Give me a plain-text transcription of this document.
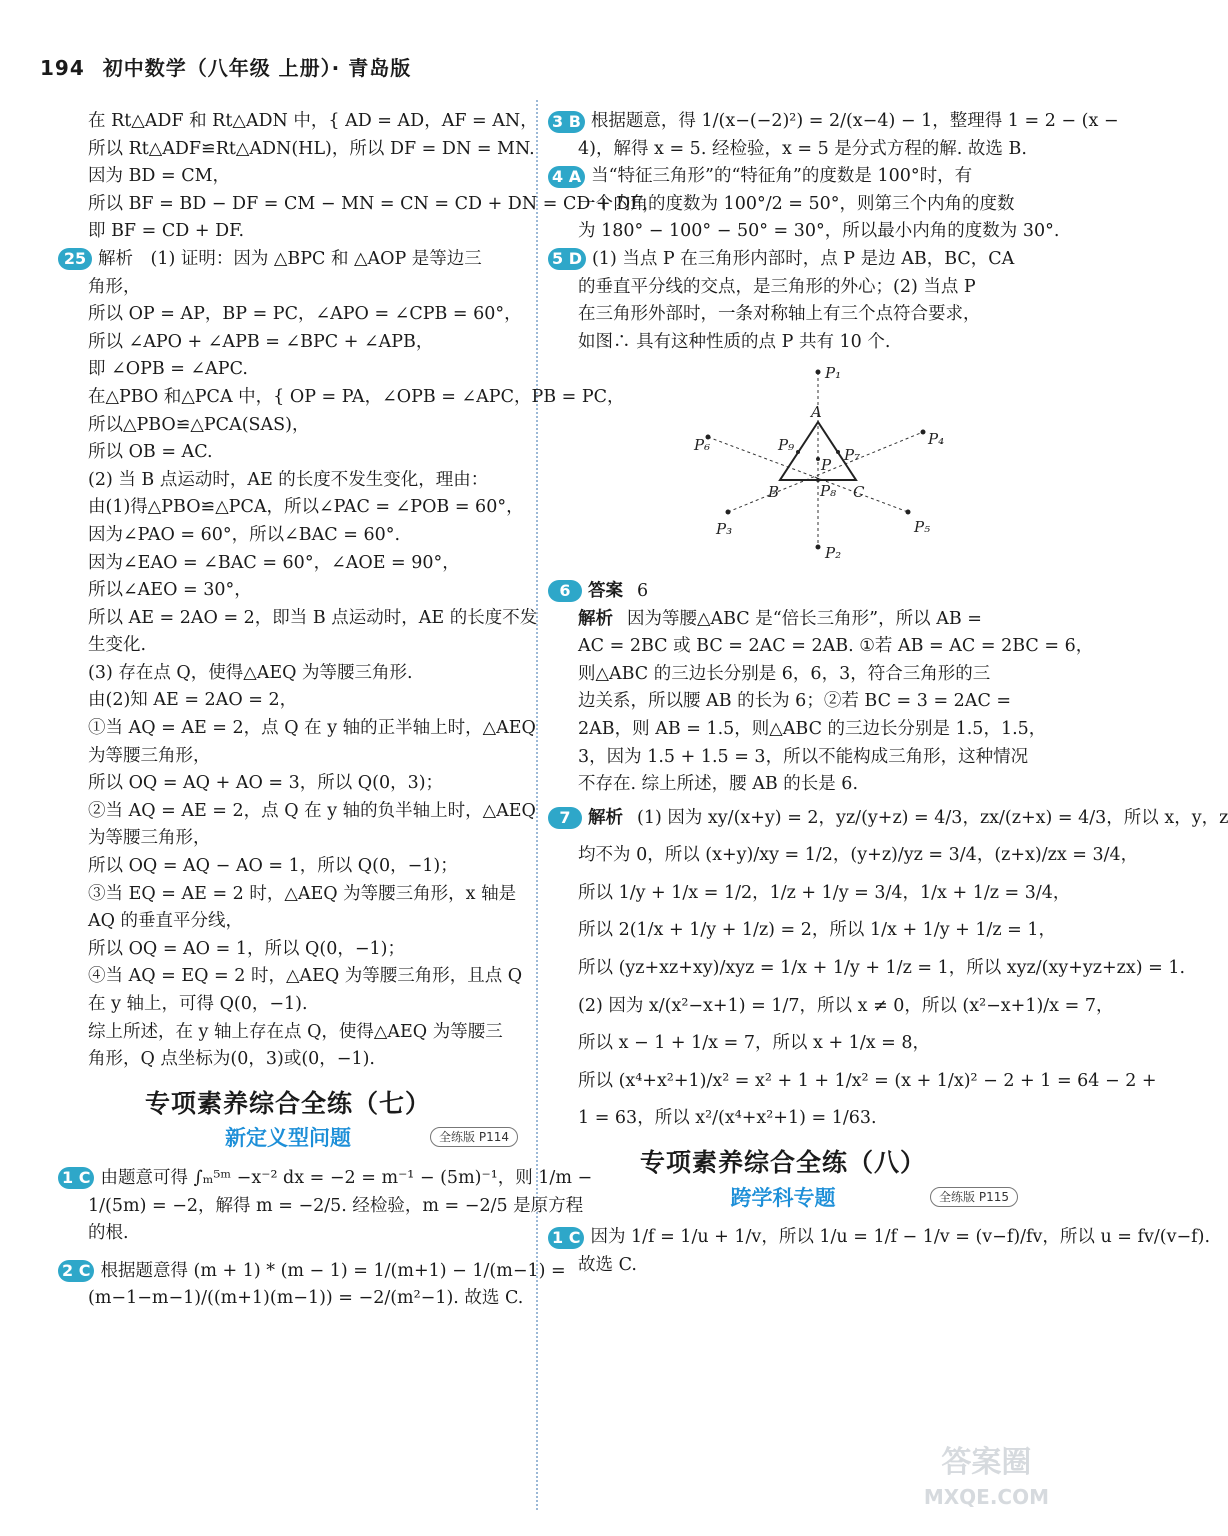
194 初中数学（八年级 上册）· 青岛版
在 Rt△ADF 和 Rt△ADN 中，{ AD = AD，AF = AN，
所以 Rt△ADF≌Rt△ADN(HL)，所以 DF = DN = MN.
因为 BD = CM，
所以 BF = BD − DF = CM − MN = CN = CD + DN = CD + DF，
即 BF = CD + DF.
25 解析　(1) 证明：因为 △BPC 和 △AOP 是等边三
角形，
所以 OP = AP，BP = PC，∠APO = ∠CPB = 60°，
所以 ∠APO + ∠APB = ∠BPC + ∠APB，
即 ∠OPB = ∠APC.
在△PBO 和△PCA 中，{ OP = PA，∠OPB = ∠APC，PB = PC，
所以△PBO≌△PCA(SAS)，
所以 OB = AC.
(2) 当 B 点运动时，AE 的长度不发生变化，理由：
由(1)得△PBO≌△PCA，所以∠PAC = ∠POB = 60°，
因为∠PAO = 60°，所以∠BAC = 60°.
因为∠EAO = ∠BAC = 60°，∠AOE = 90°，
所以∠AEO = 30°，
所以 AE = 2AO = 2，即当 B 点运动时，AE 的长度不发
生变化.
(3) 存在点 Q，使得△AEQ 为等腰三角形.
由(2)知 AE = 2AO = 2，
①当 AQ = AE = 2，点 Q 在 y 轴的正半轴上时，△AEQ
为等腰三角形，
所以 OQ = AQ + AO = 3，所以 Q(0，3)；
②当 AQ = AE = 2，点 Q 在 y 轴的负半轴上时，△AEQ
为等腰三角形，
所以 OQ = AQ − AO = 1，所以 Q(0，−1)；
③当 EQ = AE = 2 时，△AEQ 为等腰三角形，x 轴是
AQ 的垂直平分线，
所以 OQ = AO = 1，所以 Q(0，−1)；
④当 AQ = EQ = 2 时，△AEQ 为等腰三角形，且点 Q
在 y 轴上，可得 Q(0，−1).
综上所述，在 y 轴上存在点 Q，使得△AEQ 为等腰三
角形，Q 点坐标为(0，3)或(0，−1).
专项素养综合全练（七）
新定义型问题	全练版 P114
1 C 由题意可得 ∫ₘ⁵ᵐ −x⁻² dx = −2 = m⁻¹ − (5m)⁻¹，则 1/m −
1/(5m) = −2，解得 m = −2/5. 经检验，m = −2/5 是原方程
的根.
2 C 根据题意得 (m + 1) * (m − 1) = 1/(m+1) − 1/(m−1) =
(m−1−m−1)/((m+1)(m−1)) = −2/(m²−1). 故选 C.
3 B 根据题意，得 1/(x−(−2)²) = 2/(x−4) − 1，整理得 1 = 2 − (x −
4)，解得 x = 5. 经检验，x = 5 是分式方程的解. 故选 B.
4 A 当“特征三角形”的“特征角”的度数是 100°时，有
一个内角的度数为 100°/2 = 50°，则第三个内角的度数
为 180° − 100° − 50° = 30°，所以最小内角的度数为 30°.
5 D (1) 当点 P 在三角形内部时，点 P 是边 AB，BC，CA
的垂直平分线的交点，是三角形的外心；(2) 当点 P
在三角形外部时，一条对称轴上有三个点符合要求，
如图∴ 具有这种性质的点 P 共有 10 个.
A
B	C
P
P₁
P₂
P₃
P₄
P₅
P₆
P₇
P₈
P₉
6 答案 6
解析 因为等腰△ABC 是“倍长三角形”，所以 AB =
AC = 2BC 或 BC = 2AC = 2AB. ①若 AB = AC = 2BC = 6，
则△ABC 的三边长分别是 6，6，3，符合三角形的三
边关系，所以腰 AB 的长为 6；②若 BC = 3 = 2AC =
2AB，则 AB = 1.5，则△ABC 的三边长分别是 1.5，1.5，
3，因为 1.5 + 1.5 = 3，所以不能构成三角形，这种情况
不存在. 综上所述，腰 AB 的长是 6.
7 解析 (1) 因为 xy/(x+y) = 2，yz/(y+z) = 4/3，zx/(z+x) = 4/3，所以 x，y，z
均不为 0，所以 (x+y)/xy = 1/2，(y+z)/yz = 3/4，(z+x)/zx = 3/4，
所以 1/y + 1/x = 1/2，1/z + 1/y = 3/4，1/x + 1/z = 3/4，
所以 2(1/x + 1/y + 1/z) = 2，所以 1/x + 1/y + 1/z = 1，
所以 (yz+xz+xy)/xyz = 1/x + 1/y + 1/z = 1，所以 xyz/(xy+yz+zx) = 1.
(2) 因为 x/(x²−x+1) = 1/7，所以 x ≠ 0，所以 (x²−x+1)/x = 7，
所以 x − 1 + 1/x = 7，所以 x + 1/x = 8，
所以 (x⁴+x²+1)/x² = x² + 1 + 1/x² = (x + 1/x)² − 2 + 1 = 64 − 2 +
1 = 63，所以 x²/(x⁴+x²+1) = 1/63.
专项素养综合全练（八）
跨学科专题	全练版 P115
1 C 因为 1/f = 1/u + 1/v，所以 1/u = 1/f − 1/v = (v−f)/fv，所以 u = fv/(v−f).
故选 C.
答案圈
MXQE.COM
